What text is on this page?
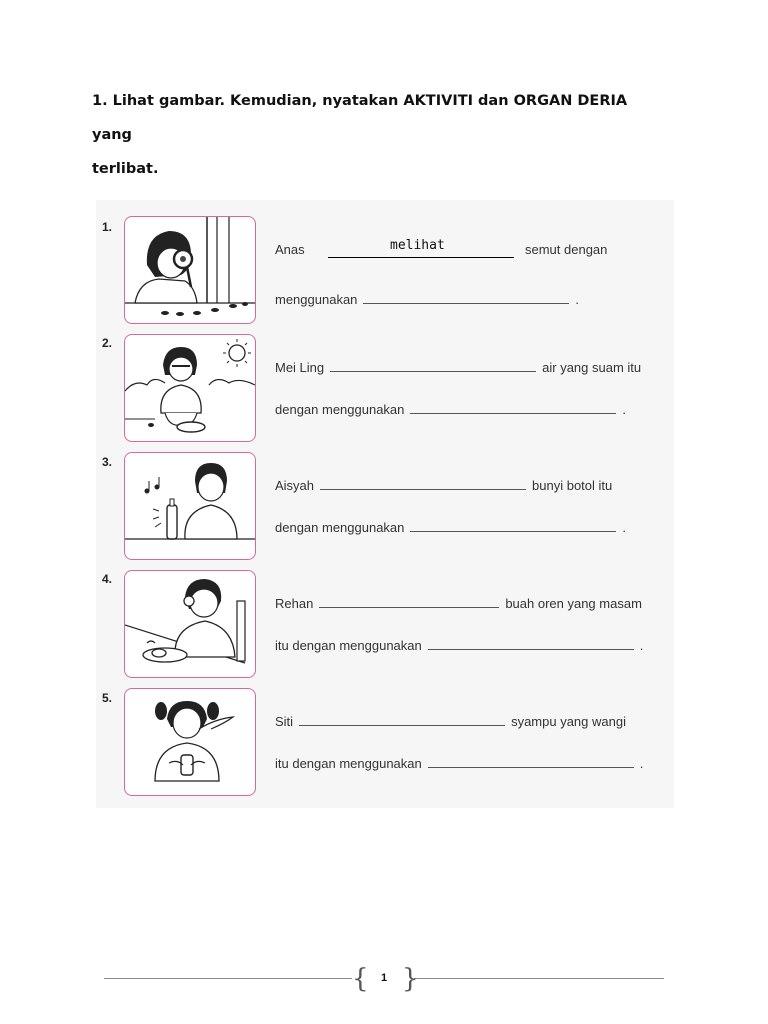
1. Lihat gambar. Kemudian, nyatakan AKTIVITI dan ORGAN DERIA yang
terlibat.
1.
Anas	melihat	semut dengan
menggunakan	.
2.
Mei Ling	air yang suam itu
dengan menggunakan	.
3.
Aisyah	bunyi botol itu
dengan menggunakan	.
4.
Rehan	buah oren yang masam
itu dengan menggunakan	.
5.
Siti	syampu yang wangi
itu dengan menggunakan	.
{ }
1
